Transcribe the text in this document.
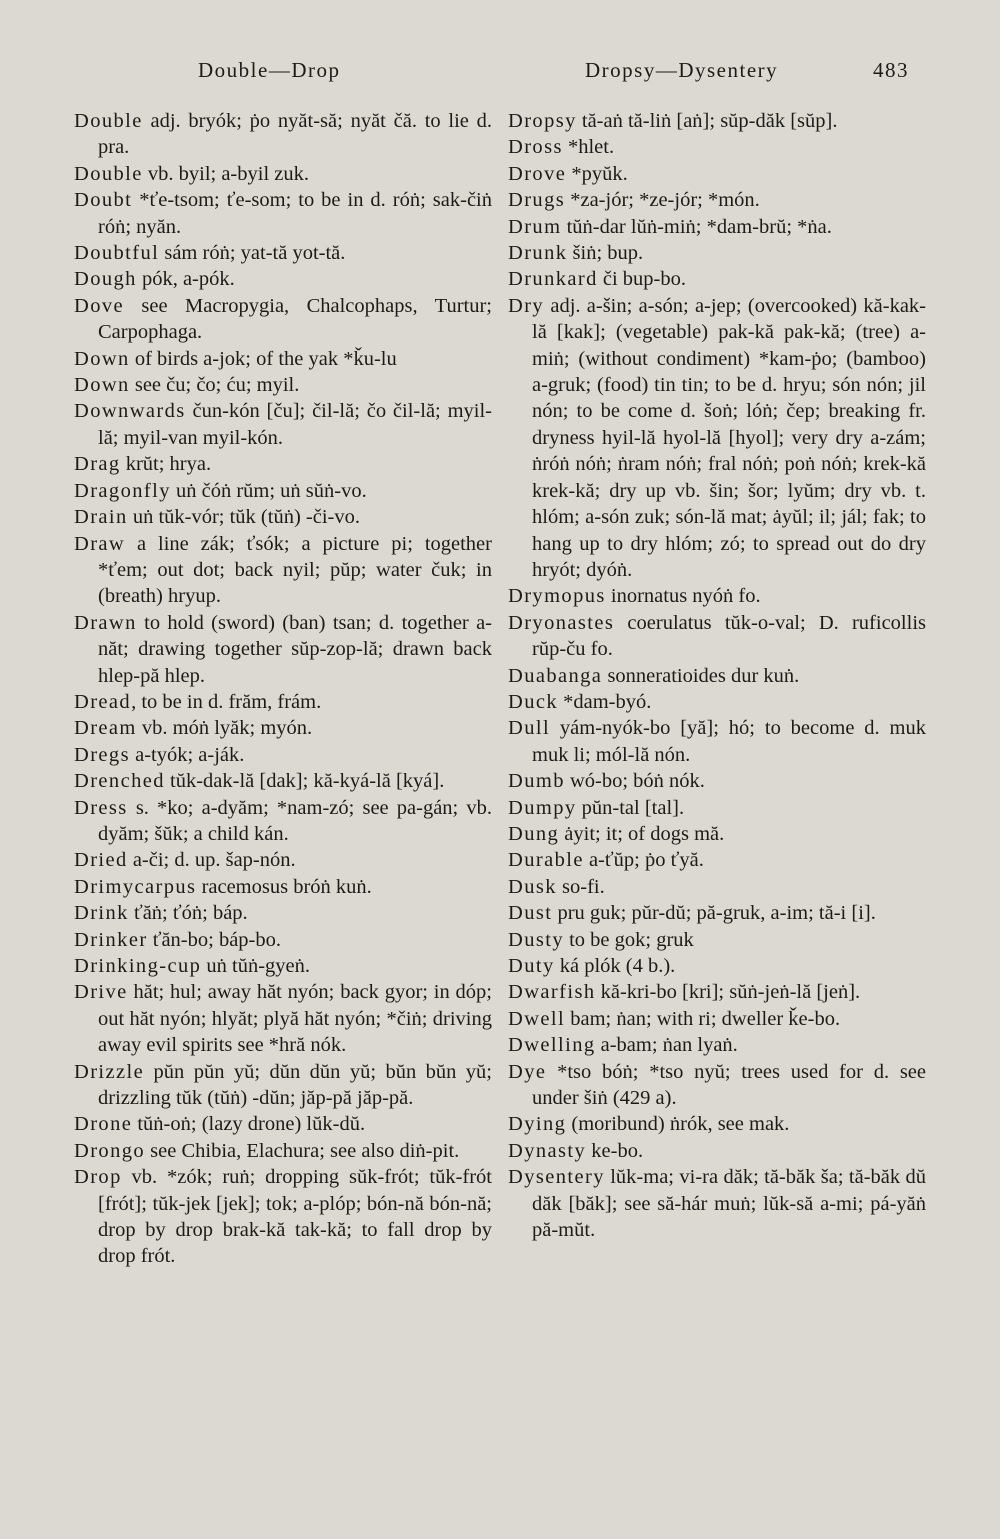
Double—Drop	Dropsy—Dysentery	483
Double adj. bryók; ṗo nyăt-să; nyăt čă. to lie d. pra.
Double vb. byil; a-byil zuk.
Doubt *ťe-tsom; ťe-som; to be in d. róṅ; sak-čiṅ róṅ; nyăn.
Doubtful sám róṅ; yat-tă yot-tă.
Dough pók, a-pók.
Dove see Macropygia, Chalcophaps, Turtur; Carpophaga.
Down of birds a-jok; of the yak *ǩu-lu
Down see ču; čo; ću; myil.
Downwards čun-kón [ču]; čil-lă; čo čil-lă; myil-lă; myil-van myil-kón.
Drag krŭt; hrya.
Dragonfly uṅ čóṅ rŭm; uṅ sŭṅ-vo.
Drain uṅ tŭk-vór; tŭk (tŭṅ) -či-vo.
Draw a line zák; ťsók; a picture pi; together *ťem; out dot; back nyil; pŭp; water čuk; in (breath) hryup.
Drawn to hold (sword) (ban) tsan; d. together a-năt; drawing together sŭp-zop-lă; drawn back hlep-pă hlep.
Dread, to be in d. frăm, frám.
Dream vb. móṅ lyăk; myón.
Dregs a-tyók; a-ják.
Drenched tŭk-dak-lă [dak]; kă-kyá-lă [kyá].
Dress s. *ko; a-dyăm; *nam-zó; see pa-gán; vb. dyăm; šŭk; a child kán.
Dried a-či; d. up. šap-nón.
Drimycarpus racemosus bróṅ kuṅ.
Drink ťăṅ; ťóṅ; báp.
Drinker ťăn-bo; báp-bo.
Drinking-cup uṅ tŭṅ-gyeṅ.
Drive hăt; hul; away hăt nyón; back gyor; in dóp; out hăt nyón; hlyăt; plyă hăt nyón; *čiṅ; driving away evil spirits see *hră nók.
Drizzle pŭn pŭn yŭ; dŭn dŭn yŭ; bŭn bŭn yŭ; drizzling tŭk (tŭṅ) -dŭn; jăp-pă jăp-pă.
Drone tŭṅ-oṅ; (lazy drone) lŭk-dŭ.
Drongo see Chibia, Elachura; see also diṅ-pit.
Drop vb. *zók; ruṅ; dropping sŭk-frót; tŭk-frót [frót]; tŭk-jek [jek]; tok; a-plóp; bón-nă bón-nă; drop by drop brak-kă tak-kă; to fall drop by drop frót.
Dropsy tă-aṅ tă-liṅ [aṅ]; sŭp-dăk [sŭp].
Dross *hlet.
Drove *pyŭk.
Drugs *za-jór; *ze-jór; *món.
Drum tŭṅ-dar lŭṅ-miṅ; *dam-brŭ; *ṅa.
Drunk šiṅ; bup.
Drunkard či bup-bo.
Dry adj. a-šin; a-són; a-jep; (overcooked) kă-kak-lă [kak]; (vegetable) pak-kă pak-kă; (tree) a-miṅ; (without condiment) *kam-ṗo; (bamboo) a-gruk; (food) tin tin; to be d. hryu; són nón; jil nón; to be come d. šoṅ; lóṅ; čep; breaking fr. dryness hyil-lă hyol-lă [hyol]; very dry a-zám; ṅróṅ nóṅ; ṅram nóṅ; fral nóṅ; poṅ nóṅ; krek-kă krek-kă; dry up vb. šin; šor; lyŭm; dry vb. t. hlóm; a-són zuk; són-lă mat; ȧyŭl; il; jál; fak; to hang up to dry hlóm; zó; to spread out do dry hryót; dyóṅ.
Drymopus inornatus nyóṅ fo.
Dryonastes coerulatus tŭk-o-val; D. ruficollis rŭp-ču fo.
Duabanga sonneratioides dur kuṅ.
Duck *dam-byó.
Dull yám-nyók-bo [yă]; hó; to become d. muk muk li; mól-lă nón.
Dumb wó-bo; bóṅ nók.
Dumpy pŭn-tal [tal].
Dung ȧyit; it; of dogs mă.
Durable a-ťŭp; ṗo ťyă.
Dusk so-fi.
Dust pru guk; pŭr-dŭ; pă-gruk, a-im; tă-i [i].
Dusty to be gok; gruk
Duty ká plók (4 b.).
Dwarfish kă-kri-bo [kri]; sŭṅ-jeṅ-lă [jeṅ].
Dwell bam; ṅan; with ri; dweller ǩe-bo.
Dwelling a-bam; ṅan lyaṅ.
Dye *tso bóṅ; *tso nyŭ; trees used for d. see under šiṅ (429 a).
Dying (moribund) ṅrók, see mak.
Dynasty ke-bo.
Dysentery lŭk-ma; vi-ra dăk; tă-băk ša; tă-băk dŭ dăk [băk]; see să-hár muṅ; lŭk-să a-mi; pá-yăṅ pă-mŭt.
